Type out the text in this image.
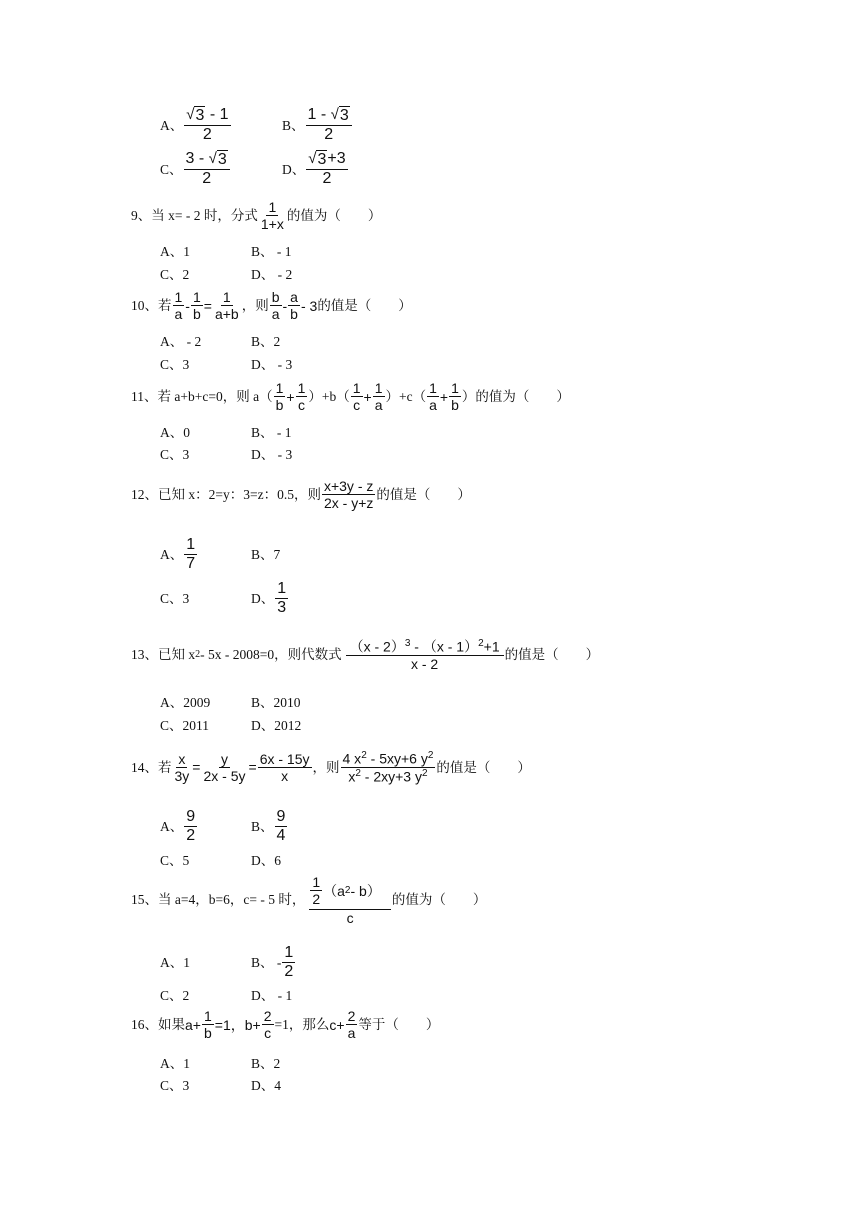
A、 $\frac{√ 3 - 1}{2}$	B、 $\frac{1 - √ 3}{2}$
C、 $\frac{3 - √ 3}{2}$	D、 $\frac{√ 3 +3}{2}$
9、当 x= - 2 时，分式 $\frac{1}{1+x}$ 的值为（　　）
A、1	B、 - 1
C、2	D、 - 2
10、若 $\frac{1}{a} - \frac{1}{b} = \frac{1}{a+b}$ ，则 $\frac{b}{a} - \frac{a}{b} - 3$ 的值是（　　）
A、 - 2	B、2
C、3	D、 - 3
11、若 a+b+c=0，则 $a( \frac{1}{b} + \frac{1}{c} )+b( \frac{1}{c} + \frac{1}{a} )+c( \frac{1}{a} + \frac{1}{b}$ ）的值为（　　）
A、0	B、 - 1
C、3	D、 - 3
12、已知 x：2=y：3=z：0.5，则 $\frac{x+3y - z}{2x - y+z}$ 的值是（　　）
A、 $\frac{1}{7}$	B、7
C、3	D、 $\frac{1}{3}$
13、已知 x 2 - 5x - 2008=0，则代数式 $\frac{(x - 2)^3 - (x - 1)^2+1}{x - 2}$ 的值是（　　）
A、2009	B、2010
C、2011	D、2012
14、若 $\frac{x}{3y} = \frac{y}{2x - 5y} = \frac{6x - 15y}{x}$ ，则 $\frac{4 x^2 - 5xy+6 y^2}{x^2 - 2xy+3 y^2}$ 的值是（　　）
A、 $\frac{9}{2}$	B、 $\frac{9}{4}$
C、5	D、6
15、当 a=4，b=6，c= - 5 时， $\frac{\frac{1}{2} (a 2 - b)}{c}$ 的值为（　　）
A、1	B、 - $\frac{1}{2}$
C、2	D、 - 1
16、如果 $a+ \frac{1}{b} =1$， $b+ \frac{2}{c} =1$，那么 $c+ \frac{2}{a}$ 等于（　　）
A、1	B、2
C、3	D、4
